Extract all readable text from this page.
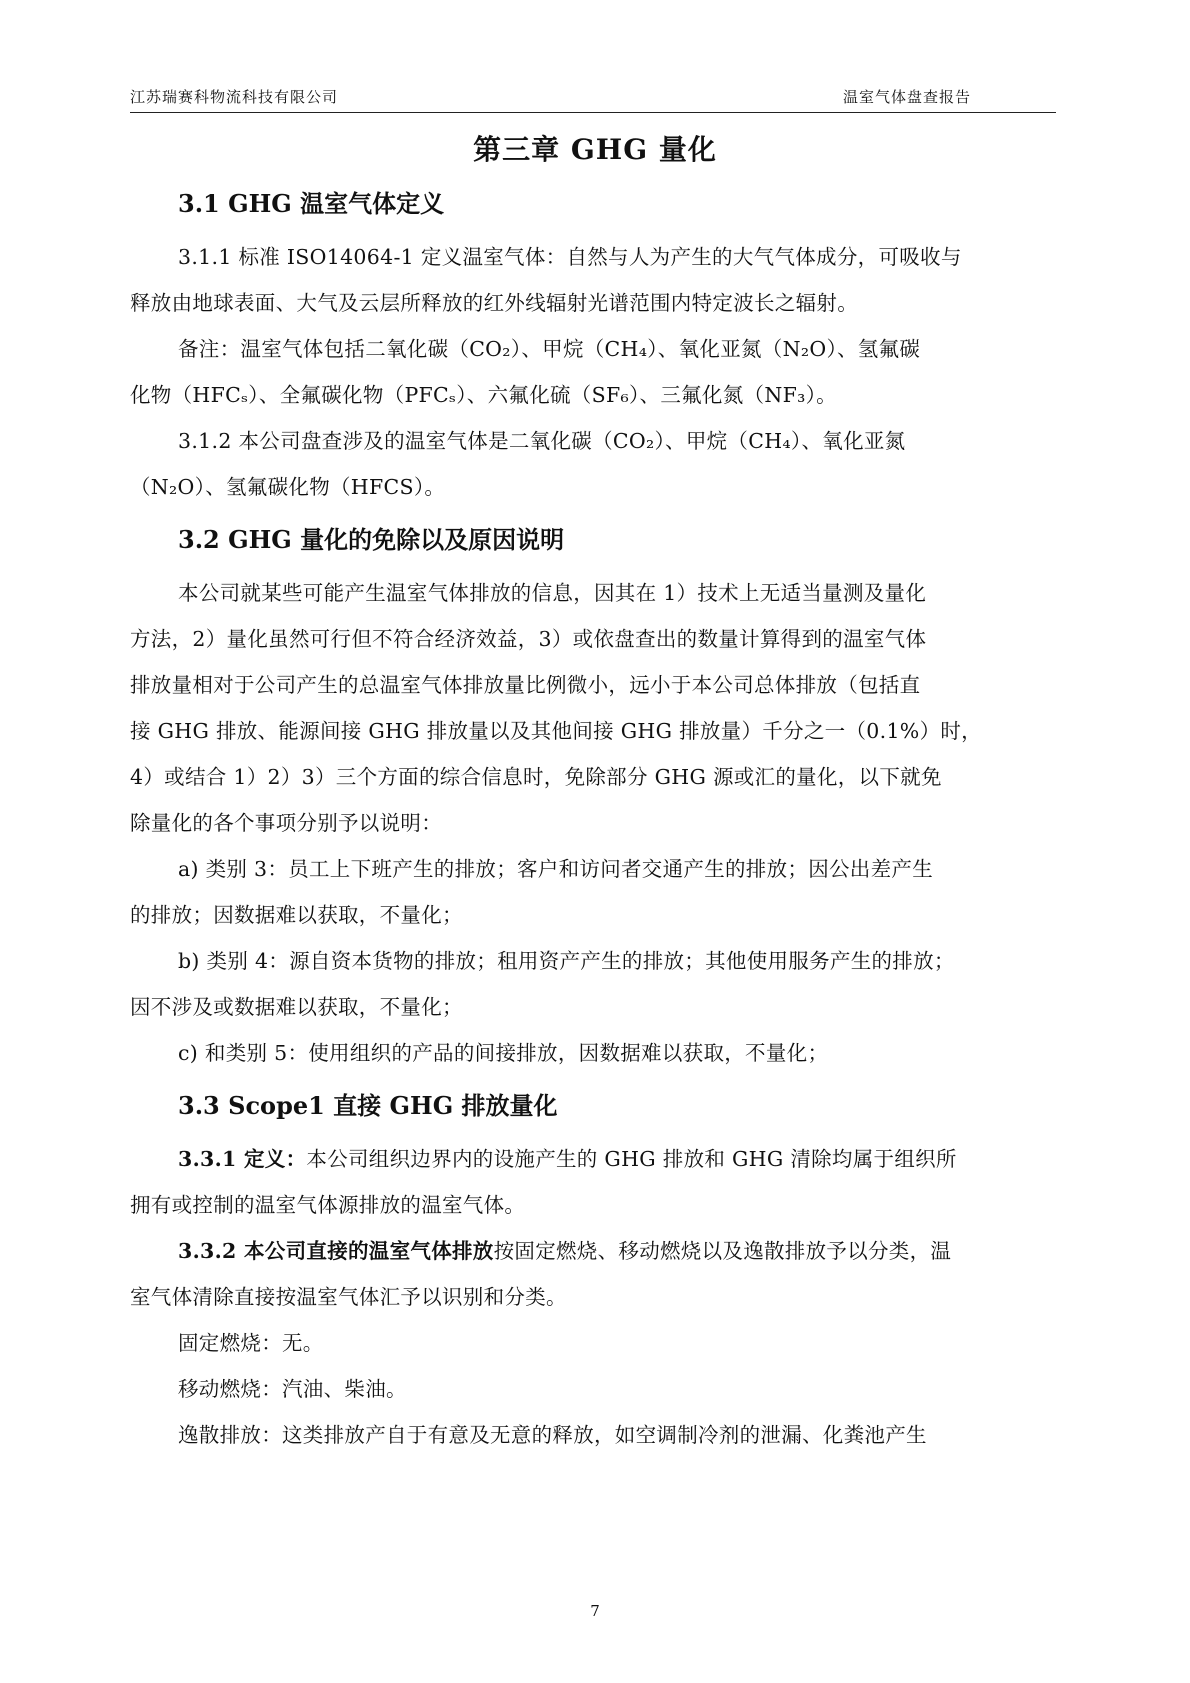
江苏瑞赛科物流科技有限公司	温室气体盘查报告
第三章 GHG 量化
3.1 GHG 温室气体定义
3.1.1 标准 ISO14064-1 定义温室气体：自然与人为产生的大气气体成分，可吸收与
释放由地球表面、大气及云层所释放的红外线辐射光谱范围内特定波长之辐射。
备注：温室气体包括二氧化碳（CO₂）、甲烷（CH₄）、氧化亚氮（N₂O）、氢氟碳
化物（HFCₛ）、全氟碳化物（PFCₛ）、六氟化硫（SF₆）、三氟化氮（NF₃）。
3.1.2 本公司盘查涉及的温室气体是二氧化碳（CO₂）、甲烷（CH₄）、氧化亚氮
（N₂O）、氢氟碳化物（HFCS）。
3.2 GHG 量化的免除以及原因说明
本公司就某些可能产生温室气体排放的信息，因其在 1）技术上无适当量测及量化
方法，2）量化虽然可行但不符合经济效益，3）或依盘查出的数量计算得到的温室气体
排放量相对于公司产生的总温室气体排放量比例微小，远小于本公司总体排放（包括直
接 GHG 排放、能源间接 GHG 排放量以及其他间接 GHG 排放量）千分之一（0.1%）时，
4）或结合 1）2）3）三个方面的综合信息时，免除部分 GHG 源或汇的量化，以下就免
除量化的各个事项分别予以说明：
a) 类别 3：员工上下班产生的排放；客户和访问者交通产生的排放；因公出差产生
的排放；因数据难以获取，不量化；
b) 类别 4：源自资本货物的排放；租用资产产生的排放；其他使用服务产生的排放；
因不涉及或数据难以获取，不量化；
c) 和类别 5：使用组织的产品的间接排放，因数据难以获取，不量化；
3.3 Scope1 直接 GHG 排放量化
3.3.1 定义：本公司组织边界内的设施产生的 GHG 排放和 GHG 清除均属于组织所
拥有或控制的温室气体源排放的温室气体。
3.3.2 本公司直接的温室气体排放按固定燃烧、移动燃烧以及逸散排放予以分类，温
室气体清除直接按温室气体汇予以识别和分类。
固定燃烧：无。
移动燃烧：汽油、柴油。
逸散排放：这类排放产自于有意及无意的释放，如空调制冷剂的泄漏、化粪池产生
7
